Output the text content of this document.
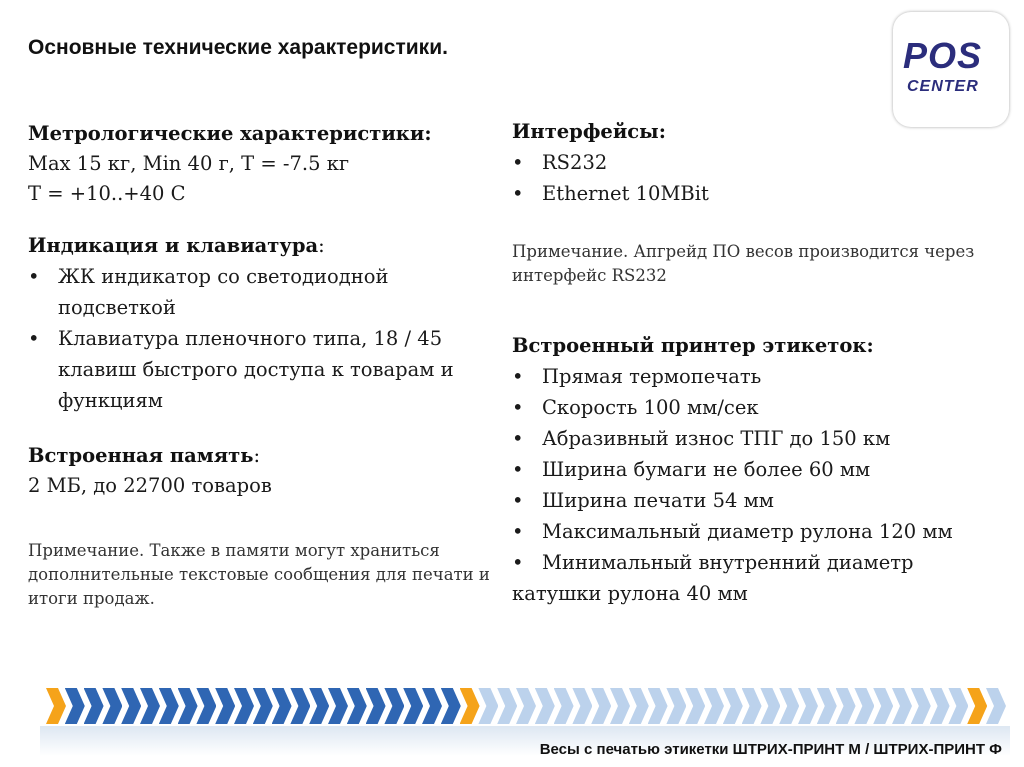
Основные технические характеристики.	POS
CENTER
Метрологические характеристики:
Max 15 кг, Min 40 г, T = -7.5 кг
T = +10..+40 C
Индикация и клавиатура:
• ЖК индикатор со светодиодной подсветкой
• Клавиатура пленочного типа, 18 / 45 клавиш быстрого доступа к товарам и функциям
Встроенная память:
2 МБ, до 22700 товаров
Примечание. Также в памяти могут храниться дополнительные текстовые сообщения для печати и итоги продаж.
Интерфейсы:
• RS232
• Ethernet 10MBit
Примечание. Апгрейд ПО весов производится через интерфейс RS232
Встроенный принтер этикеток:
• Прямая термопечать
• Скорость 100 мм/сек
• Абразивный износ ТПГ до 150 км
• Ширина бумаги не более 60 мм
• Ширина печати 54 мм
• Максимальный диаметр рулона 120 мм
• Минимальный внутренний диаметр
катушки рулона 40 мм
Весы с печатью этикетки ШТРИХ-ПРИНТ М / ШТРИХ-ПРИНТ Ф
